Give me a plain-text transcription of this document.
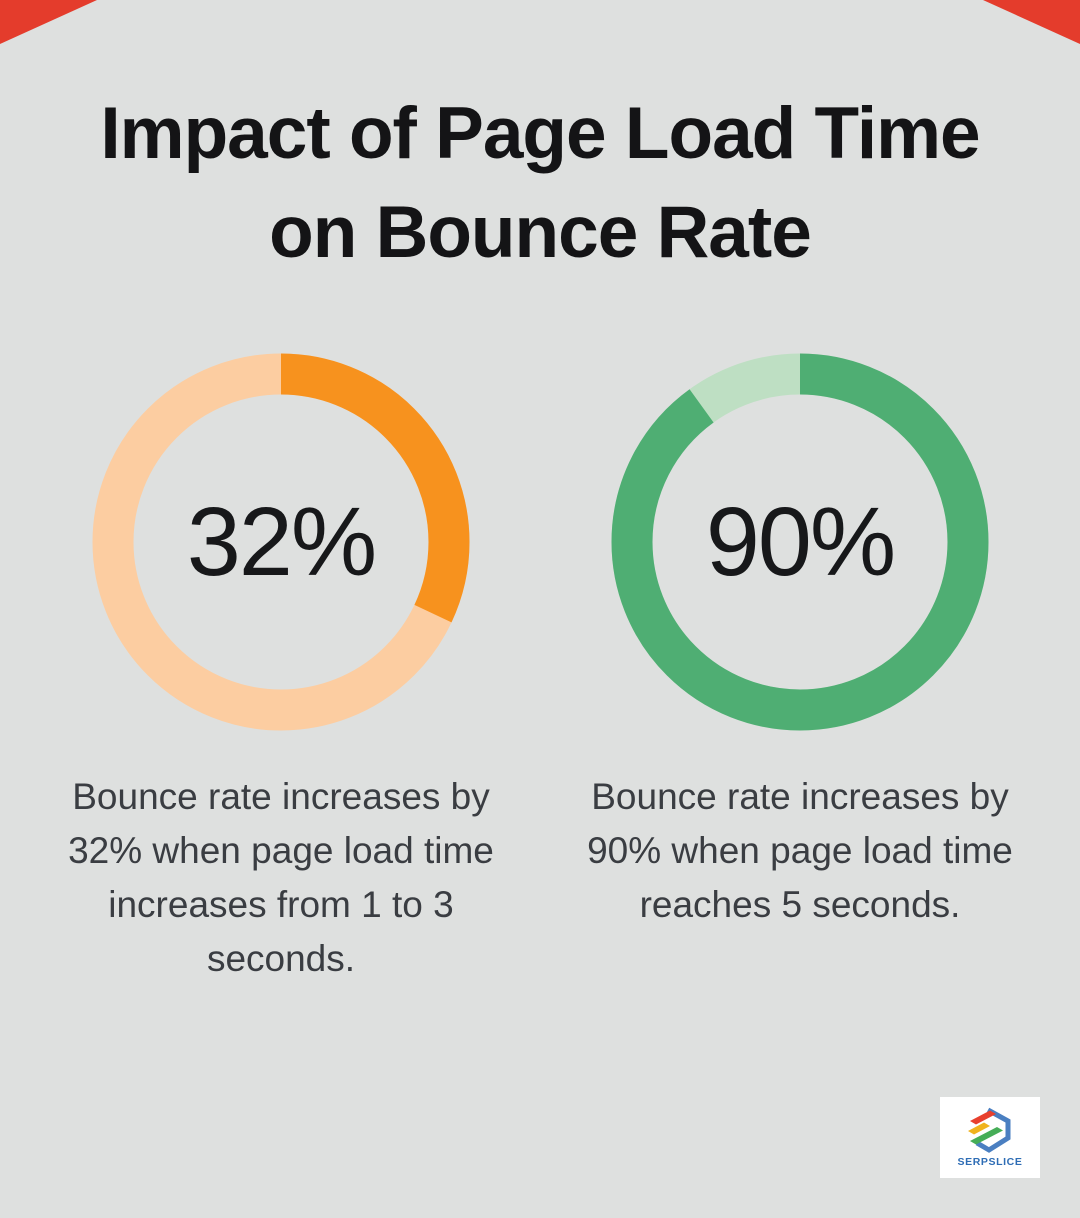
Impact of Page Load Time
on Bounce Rate
32%

Bounce rate increases by
32% when page load time
increases from 1 to 3
seconds.

90%

Bounce rate increases by
90% when page load time
reaches 5 seconds.

SERPSLICE
